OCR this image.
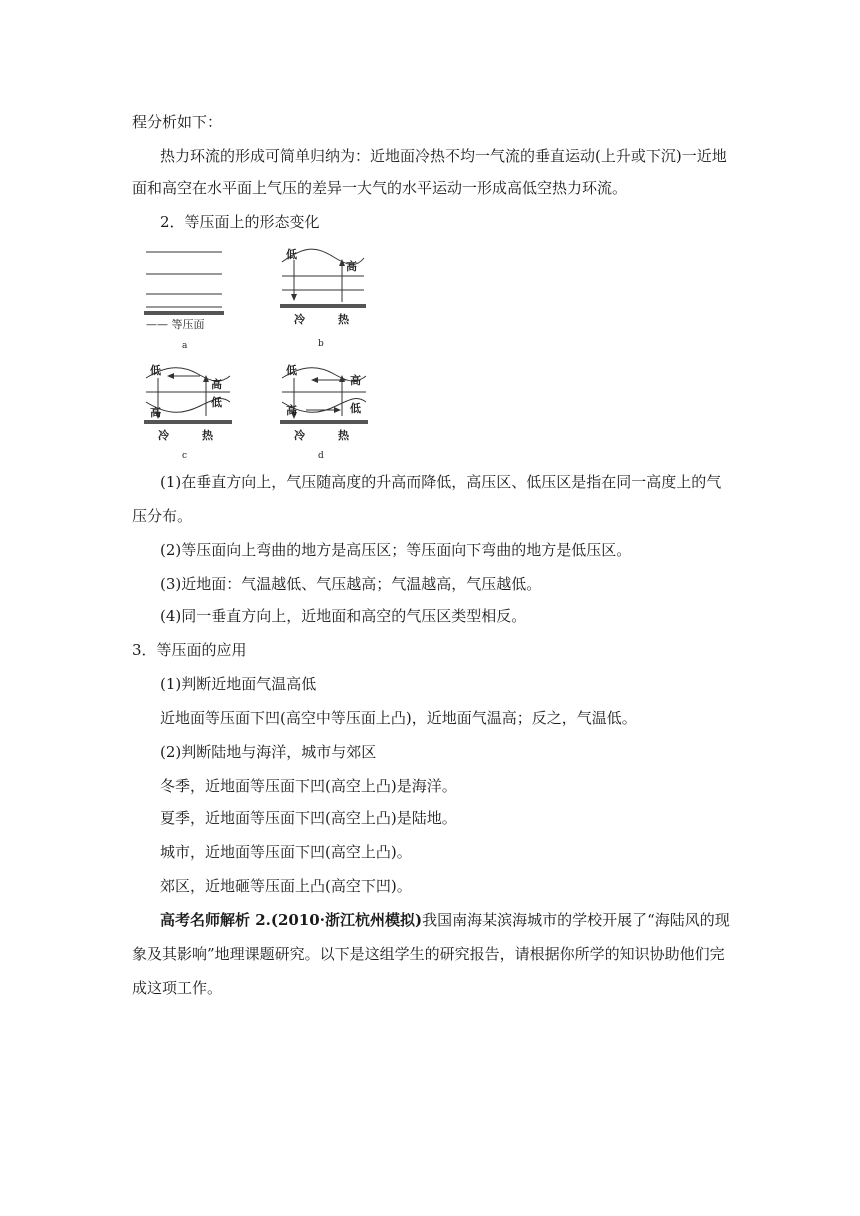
程分析如下：
热力环流的形成可简单归纳为：近地面冷热不均一气流的垂直运动(上升或下沉)一近地
面和高空在水平面上气压的差异一大气的水平运动一形成高低空热力环流。
2．等压面上的形态变化
—— 等压面
a
低
高
冷	热
b
低
高
低
高
冷	热
c
低
高
高	低
冷	热
d
(1)在垂直方向上，气压随高度的升高而降低，高压区、低压区是指在同一高度上的气
压分布。
(2)等压面向上弯曲的地方是高压区；等压面向下弯曲的地方是低压区。
(3)近地面：气温越低、气压越高；气温越高，气压越低。
(4)同一垂直方向上，近地面和高空的气压区类型相反。
3．等压面的应用
(1)判断近地面气温高低
近地面等压面下凹(高空中等压面上凸)，近地面气温高；反之，气温低。
(2)判断陆地与海洋，城市与郊区
冬季，近地面等压面下凹(高空上凸)是海洋。
夏季，近地面等压面下凹(高空上凸)是陆地。
城市，近地面等压面下凹(高空上凸)。
郊区，近地砸等压面上凸(高空下凹)。
高考名师解析 2.(2010·浙江杭州模拟)我国南海某滨海城市的学校开展了“海陆风的现
象及其影响”地理课题研究。以下是这组学生的研究报告，请根据你所学的知识协助他们完
成这项工作。
